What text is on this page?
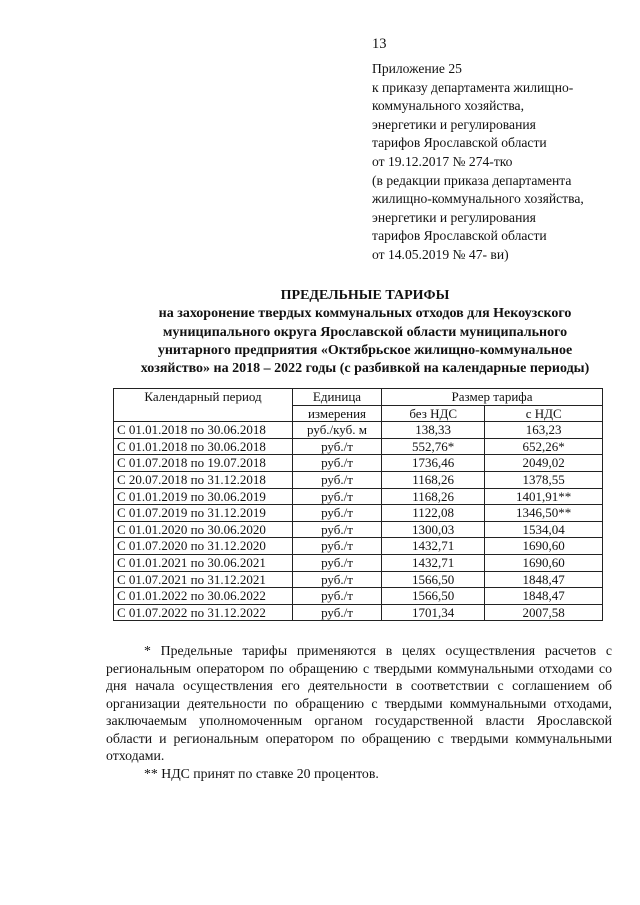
13
Приложение 25
к приказу департамента жилищно-
коммунального хозяйства,
энергетики и регулирования
тарифов Ярославской области
от 19.12.2017 № 274-тко
(в редакции приказа департамента
жилищно-коммунального хозяйства,
энергетики и регулирования
тарифов Ярославской области
от 14.05.2019 № 47- ви)
ПРЕДЕЛЬНЫЕ ТАРИФЫ
на захоронение твердых коммунальных отходов для Некоузского
муниципального округа Ярославской области муниципального
унитарного предприятия «Октябрьское жилищно-коммунальное
хозяйство» на 2018 – 2022 годы (с разбивкой на календарные периоды)
Календарный период	Единица	Размер тарифа	
	измерения	без НДС	с НДС
С 01.01.2018 по 30.06.2018	руб./куб. м	138,33	163,23
С 01.01.2018 по 30.06.2018	руб./т	552,76*	652,26*
С 01.07.2018 по 19.07.2018	руб./т	1736,46	2049,02
С 20.07.2018 по 31.12.2018	руб./т	1168,26	1378,55
С 01.01.2019 по 30.06.2019	руб./т	1168,26	1401,91**
С 01.07.2019 по 31.12.2019	руб./т	1122,08	1346,50**
С 01.01.2020 по 30.06.2020	руб./т	1300,03	1534,04
С 01.07.2020 по 31.12.2020	руб./т	1432,71	1690,60
С 01.01.2021 по 30.06.2021	руб./т	1432,71	1690,60
С 01.07.2021 по 31.12.2021	руб./т	1566,50	1848,47
С 01.01.2022 по 30.06.2022	руб./т	1566,50	1848,47
С 01.07.2022 по 31.12.2022	руб./т	1701,34	2007,58

* Предельные тарифы применяются в целях осуществления расчетов с региональным оператором по обращению с твердыми коммунальными отходами со дня начала осуществления его деятельности в соответствии с соглашением об организации деятельности по обращению с твердыми коммунальными отходами, заключаемым уполномоченным органом государственной власти Ярославской области и региональным оператором по обращению с твердыми коммунальными отходами.

** НДС принят по ставке 20 процентов.
